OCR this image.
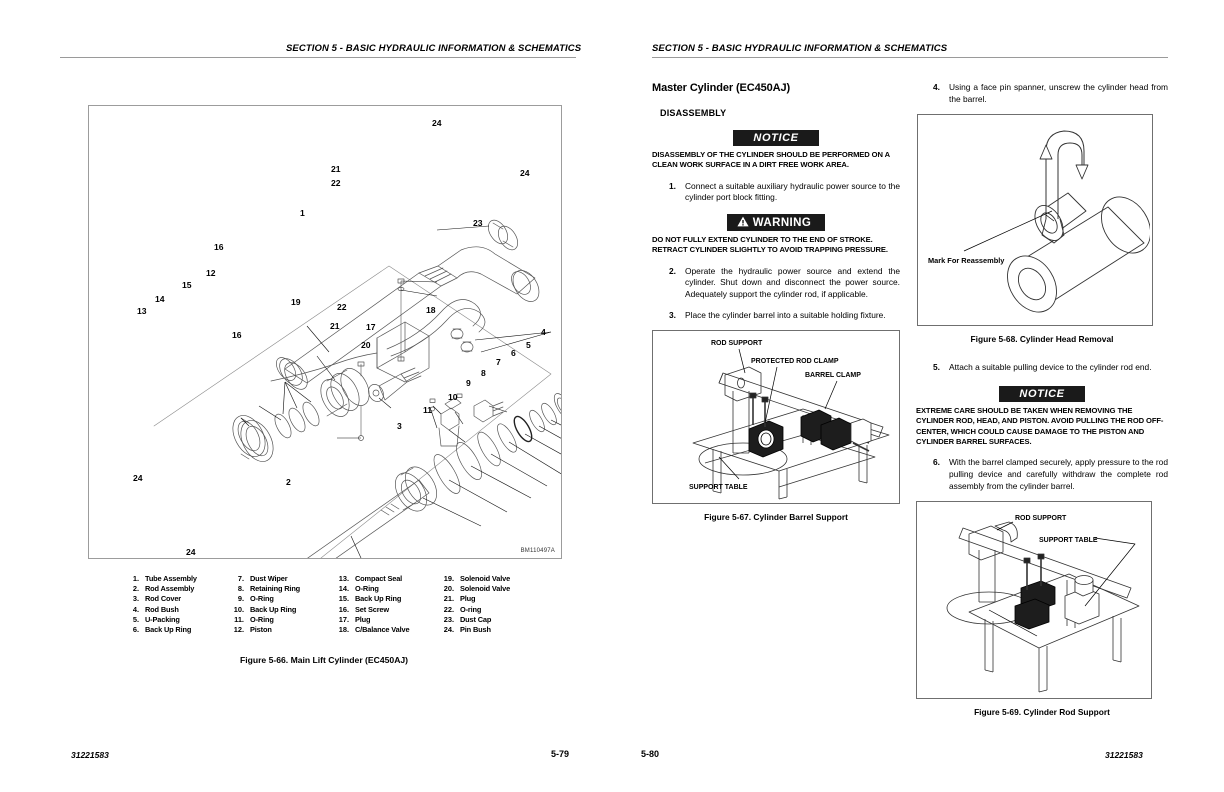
SECTION 5 - BASIC HYDRAULIC INFORMATION & SCHEMATICS	SECTION 5 - BASIC HYDRAULIC INFORMATION & SCHEMATICS
BM110497A
24
21
22
24
1
23
16
12
15
19
14
13	22	18
16
21	17	4
5
6
20
7
8
9
10
11
3
2
24
24
1. Tube Assembly
2. Rod Assembly
3. Rod Cover
4. Rod Bush
5. U-Packing
6. Back Up Ring
7. Dust Wiper
8. Retaining Ring
9. O-Ring
10. Back Up Ring
11. O-Ring
12. Piston
13. Compact Seal
14. O-Ring
15. Back Up Ring
16. Set Screw
17. Plug
18. C/Balance Valve
19. Solenoid Valve
20. Solenoid Valve
21. Plug
22. O-ring
23. Dust Cap
24. Pin Bush
Figure 5-66. Main Lift Cylinder (EC450AJ)
Master Cylinder (EC450AJ)
DISASSEMBLY
NOTICE
DISASSEMBLY OF THE CYLINDER SHOULD BE PERFORMED ON A CLEAN WORK SURFACE IN A DIRT FREE WORK AREA.
1.	Connect a suitable auxiliary hydraulic power source to the cylinder port block fitting.
WARNING
DO NOT FULLY EXTEND CYLINDER TO THE END OF STROKE. RETRACT CYLINDER SLIGHTLY TO AVOID TRAPPING PRESSURE.
2.	Operate the hydraulic power source and extend the cylinder. Shut down and disconnect the power source. Adequately support the cylinder rod, if applicable.
3.	Place the cylinder barrel into a suitable holding fixture.
ROD SUPPORT
PROTECTED ROD CLAMP
BARREL CLAMP
SUPPORT TABLE
Figure 5-67. Cylinder Barrel Support
4.	Using a face pin spanner, unscrew the cylinder head from the barrel.
Mark For Reassembly
Figure 5-68. Cylinder Head Removal
5.	Attach a suitable pulling device to the cylinder rod end.
NOTICE
EXTREME CARE SHOULD BE TAKEN WHEN REMOVING THE CYLINDER ROD, HEAD, AND PISTON. AVOID PULLING THE ROD OFF-CENTER, WHICH COULD CAUSE DAMAGE TO THE PISTON AND CYLINDER BARREL SURFACES.
6.	With the barrel clamped securely, apply pressure to the rod pulling device and carefully withdraw the complete rod assembly from the cylinder barrel.
ROD SUPPORT
SUPPORT TABLE
Figure 5-69. Cylinder Rod Support
31221583	5-79	5-80	31221583
